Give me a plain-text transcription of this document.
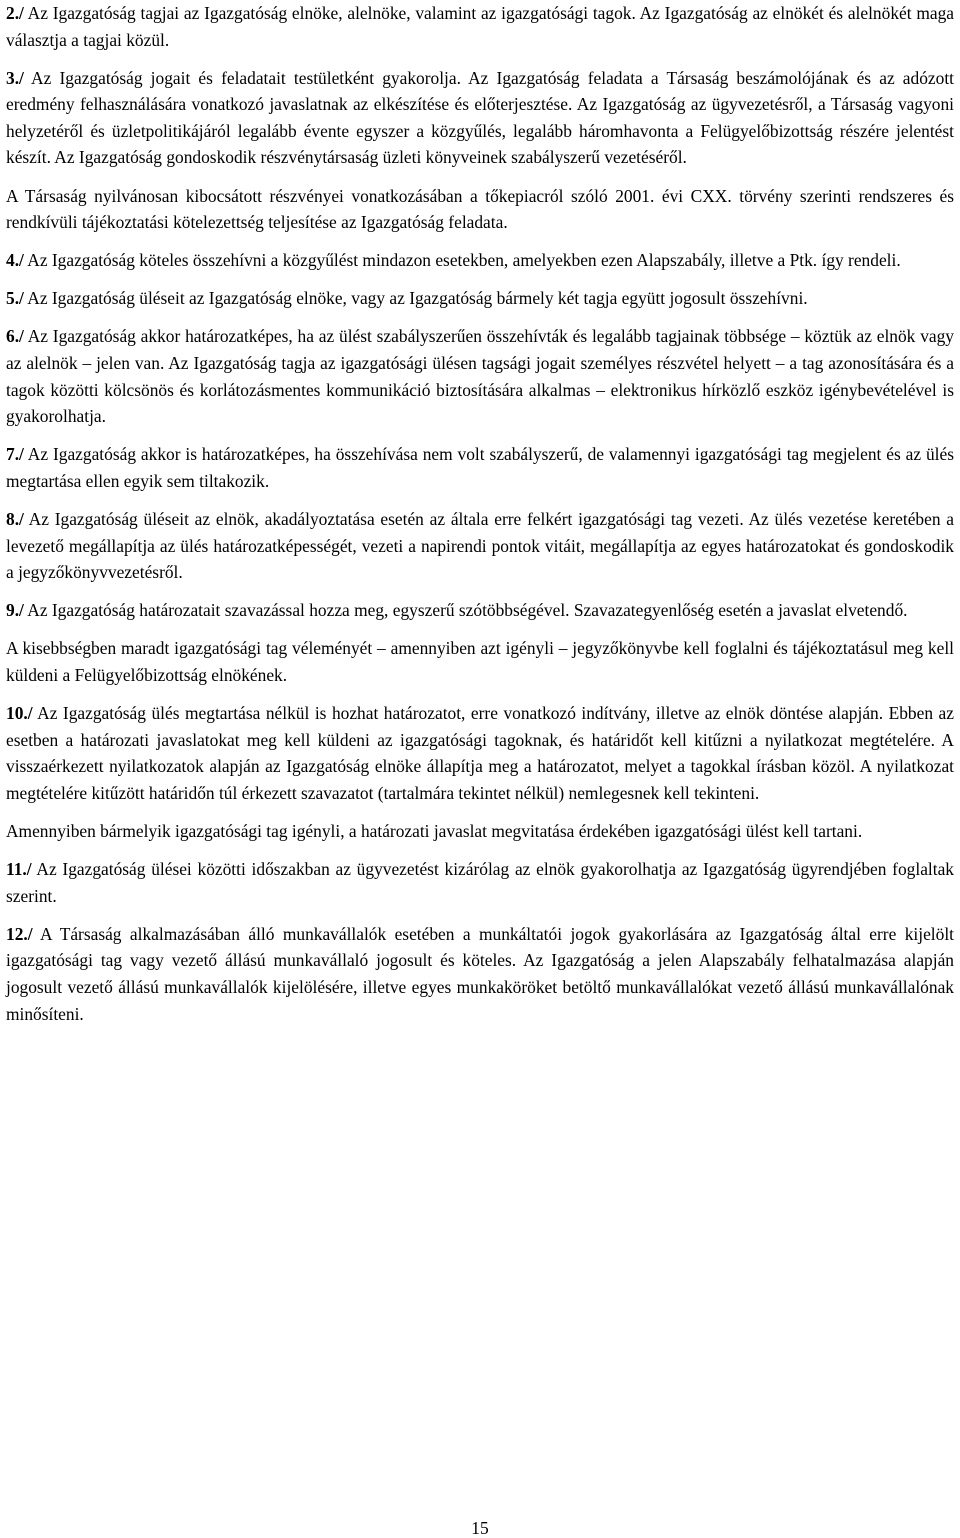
2./ Az Igazgatóság tagjai az Igazgatóság elnöke, alelnöke, valamint az igazgatósági tagok. Az Igazgatóság az elnökét és alelnökét maga választja a tagjai közül.

3./ Az Igazgatóság jogait és feladatait testületként gyakorolja. Az Igazgatóság feladata a Társaság beszámolójának és az adózott eredmény felhasználására vonatkozó javaslatnak az elkészítése és előterjesztése. Az Igazgatóság az ügyvezetésről, a Társaság vagyoni helyzetéről és üzletpolitikájáról legalább évente egyszer a közgyűlés, legalább háromhavonta a Felügyelőbizottság részére jelentést készít. Az Igazgatóság gondoskodik részvénytársaság üzleti könyveinek szabályszerű vezetéséről.

A Társaság nyilvánosan kibocsátott részvényei vonatkozásában a tőkepiacról szóló 2001. évi CXX. törvény szerinti rendszeres és rendkívüli tájékoztatási kötelezettség teljesítése az Igazgatóság feladata.

4./ Az Igazgatóság köteles összehívni a közgyűlést mindazon esetekben, amelyekben ezen Alapszabály, illetve a Ptk. így rendeli.

5./ Az Igazgatóság üléseit az Igazgatóság elnöke, vagy az Igazgatóság bármely két tagja együtt jogosult összehívni.

6./ Az Igazgatóság akkor határozatképes, ha az ülést szabályszerűen összehívták és legalább tagjainak többsége – köztük az elnök vagy az alelnök – jelen van. Az Igazgatóság tagja az igazgatósági ülésen tagsági jogait személyes részvétel helyett – a tag azonosítására és a tagok közötti kölcsönös és korlátozásmentes kommunikáció biztosítására alkalmas – elektronikus hírközlő eszköz igénybevételével is gyakorolhatja.

7./ Az Igazgatóság akkor is határozatképes, ha összehívása nem volt szabályszerű, de valamennyi igazgatósági tag megjelent és az ülés megtartása ellen egyik sem tiltakozik.

8./ Az Igazgatóság üléseit az elnök, akadályoztatása esetén az általa erre felkért igazgatósági tag vezeti. Az ülés vezetése keretében a levezető megállapítja az ülés határozatképességét, vezeti a napirendi pontok vitáit, megállapítja az egyes határozatokat és gondoskodik a jegyzőkönyvvezetésről.

9./ Az Igazgatóság határozatait szavazással hozza meg, egyszerű szótöbbségével. Szavazategyenlőség esetén a javaslat elvetendő.

A kisebbségben maradt igazgatósági tag véleményét – amennyiben azt igényli – jegyzőkönyvbe kell foglalni és tájékoztatásul meg kell küldeni a Felügyelőbizottság elnökének.

10./ Az Igazgatóság ülés megtartása nélkül is hozhat határozatot, erre vonatkozó indítvány, illetve az elnök döntése alapján. Ebben az esetben a határozati javaslatokat meg kell küldeni az igazgatósági tagoknak, és határidőt kell kitűzni a nyilatkozat megtételére. A visszaérkezett nyilatkozatok alapján az Igazgatóság elnöke állapítja meg a határozatot, melyet a tagokkal írásban közöl. A nyilatkozat megtételére kitűzött határidőn túl érkezett szavazatot (tartalmára tekintet nélkül) nemlegesnek kell tekinteni.

Amennyiben bármelyik igazgatósági tag igényli, a határozati javaslat megvitatása érdekében igazgatósági ülést kell tartani.

11./ Az Igazgatóság ülései közötti időszakban az ügyvezetést kizárólag az elnök gyakorolhatja az Igazgatóság ügyrendjében foglaltak szerint.

12./ A Társaság alkalmazásában álló munkavállalók esetében a munkáltatói jogok gyakorlására az Igazgatóság által erre kijelölt igazgatósági tag vagy vezető állású munkavállaló jogosult és köteles. Az Igazgatóság a jelen Alapszabály felhatalmazása alapján jogosult vezető állású munkavállalók kijelölésére, illetve egyes munkaköröket betöltő munkavállalókat vezető állású munkavállalónak minősíteni.

15
